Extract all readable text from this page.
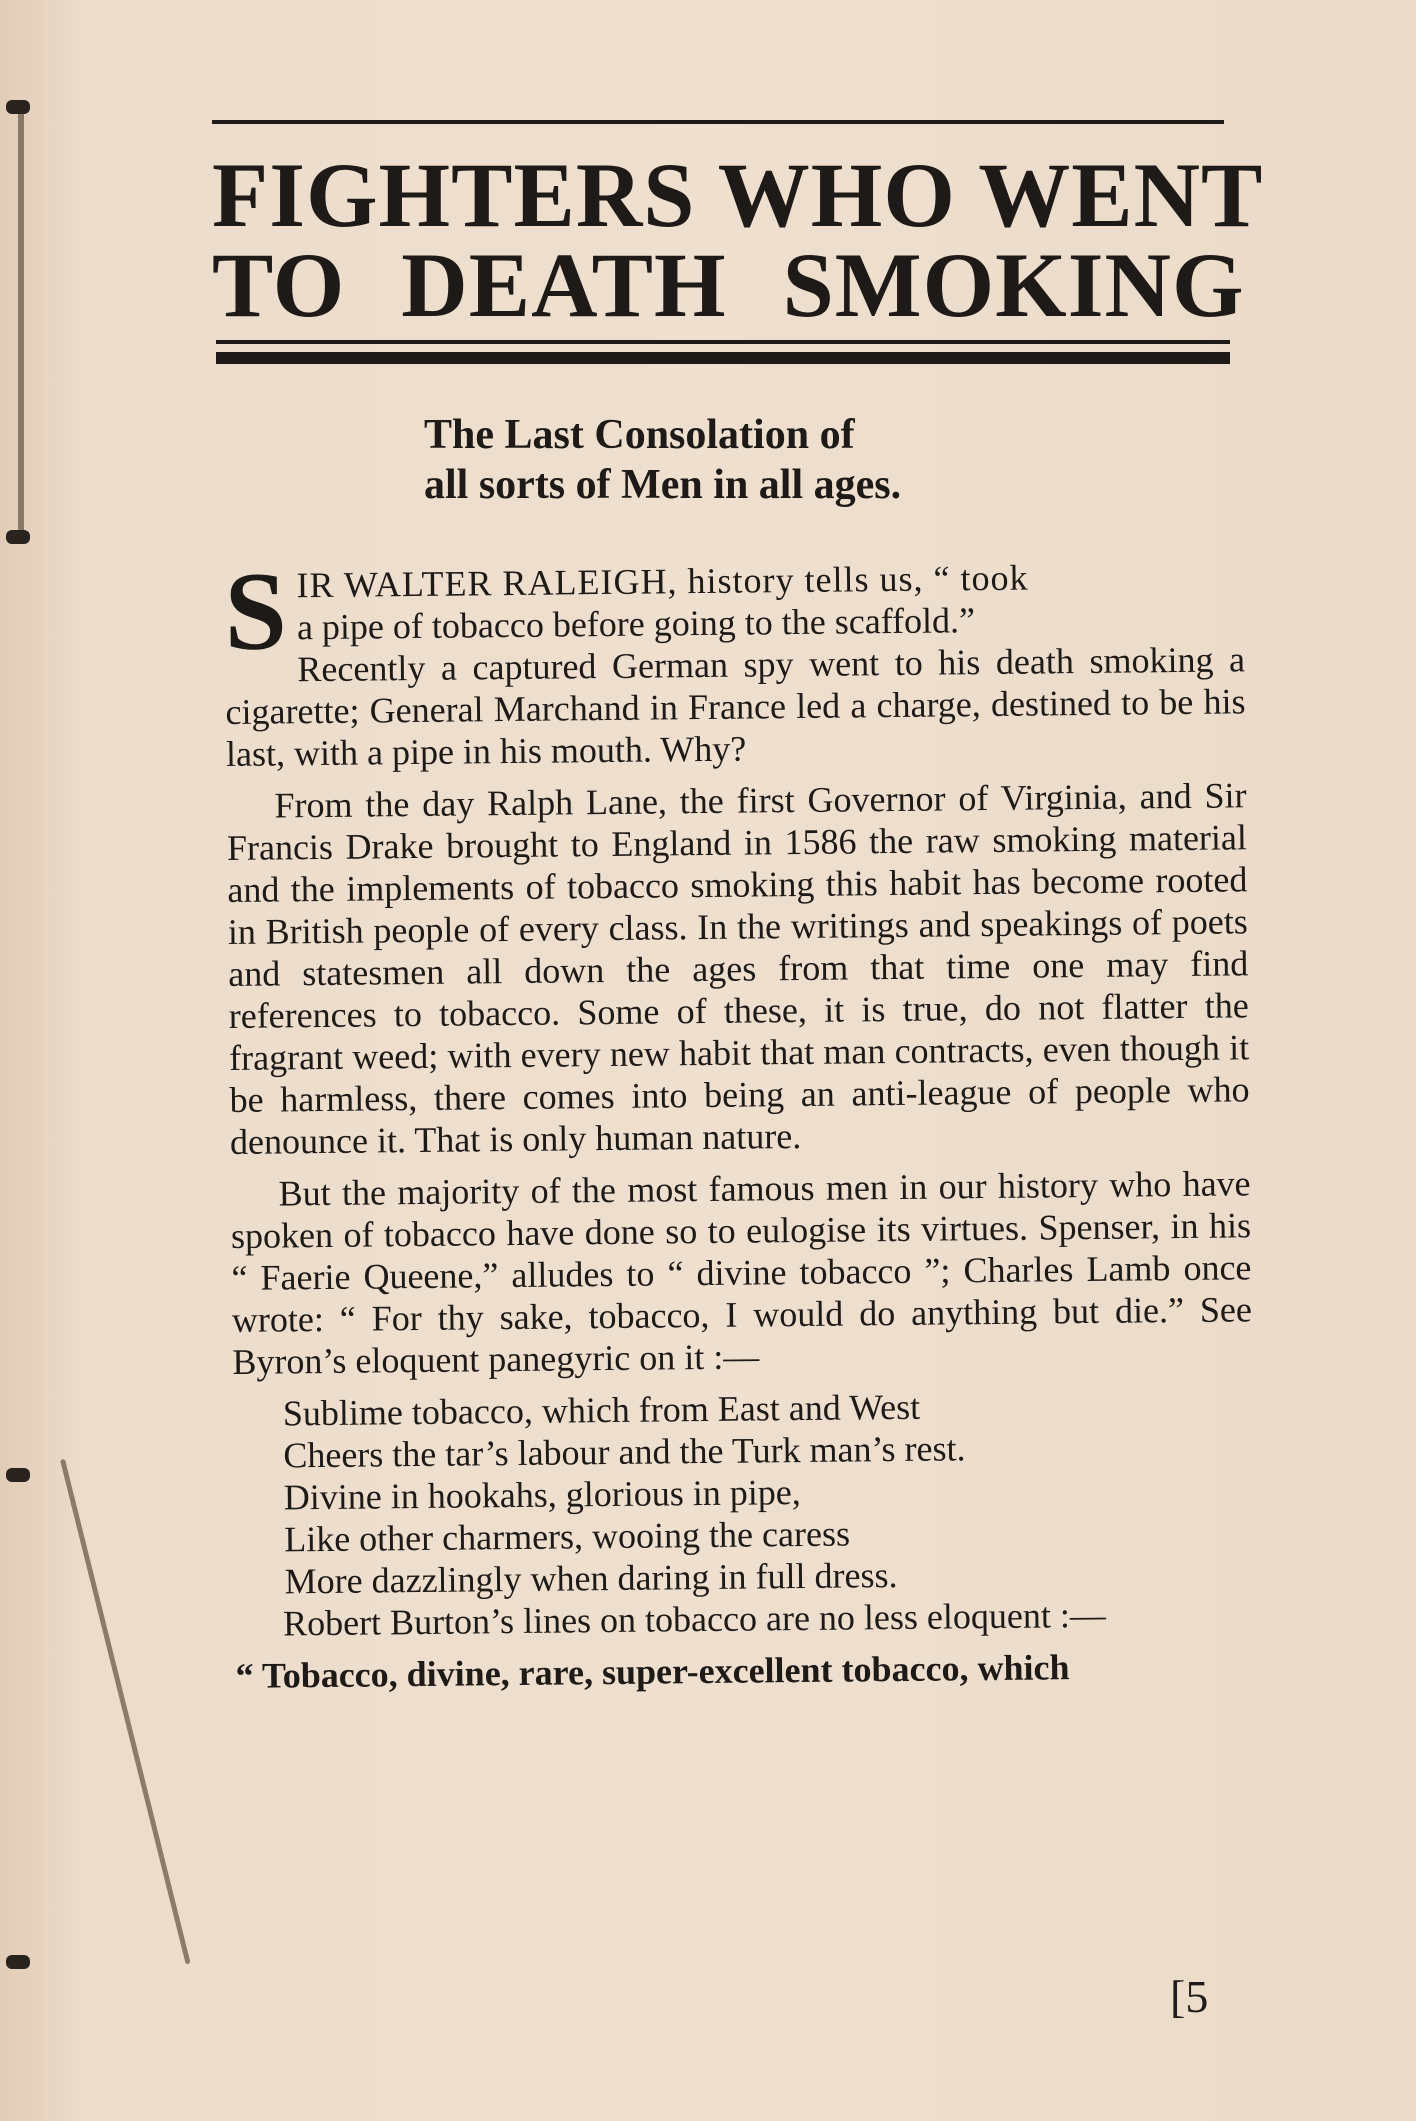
FIGHTERS WHO WENT
TO DEATH SMOKING
The Last Consolation of
all sorts of Men in all ages.

S IR WALTER RALEIGH, history tells us, “ took
a pipe of tobacco before going to the scaffold.”
Recently a captured German spy went to his death smoking a cigarette; General Marchand in France led a charge, destined to be his last, with a pipe in his mouth. Why?

From the day Ralph Lane, the first Governor of Virginia, and Sir Francis Drake brought to England in 1586 the raw smoking material and the implements of tobacco smoking this habit has become rooted in British people of every class. In the writings and speakings of poets and statesmen all down the ages from that time one may find references to tobacco. Some of these, it is true, do not flatter the fragrant weed; with every new habit that man contracts, even though it be harmless, there comes into being an anti-league of people who denounce it. That is only human nature.

But the majority of the most famous men in our history who have spoken of tobacco have done so to eulogise its virtues. Spenser, in his “ Faerie Queene,” alludes to “ divine tobacco ”; Charles Lamb once wrote: “ For thy sake, tobacco, I would do anything but die.” See Byron’s eloquent panegyric on it :—

Sublime tobacco, which from East and West
Cheers the tar’s labour and the Turk man’s rest.
Divine in hookahs, glorious in pipe,
Like other charmers, wooing the caress
More dazzlingly when daring in full dress.

Robert Burton’s lines on tobacco are no less eloquent :—

“ Tobacco, divine, rare, super-excellent tobacco, which

[5
